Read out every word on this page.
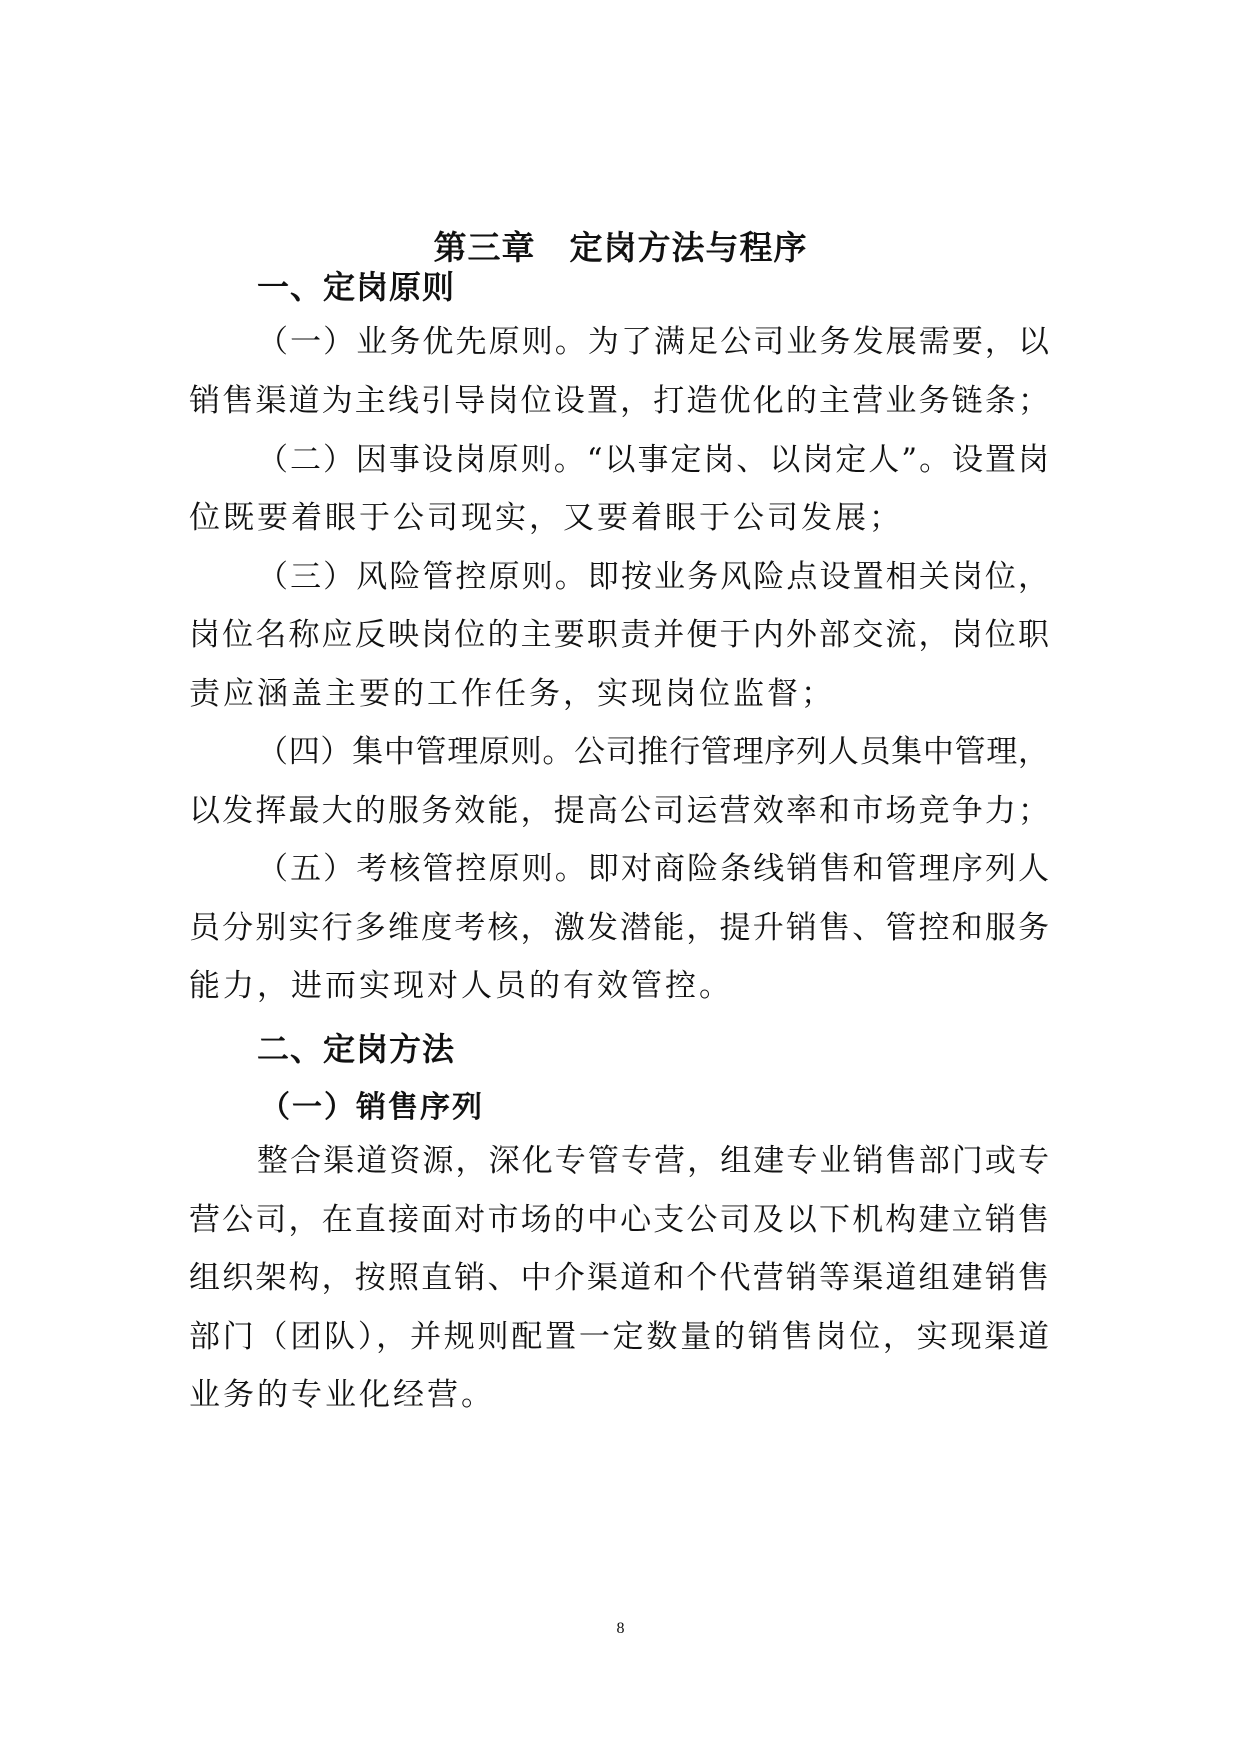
第三章　定岗方法与程序
一、定岗原则
（一）业务优先原则。为了满足公司业务发展需要，以
销售渠道为主线引导岗位设置，打造优化的主营业务链条；
（二）因事设岗原则。“以事定岗、以岗定人”。设置岗
位既要着眼于公司现实，又要着眼于公司发展；
（三）风险管控原则。即按业务风险点设置相关岗位，
岗位名称应反映岗位的主要职责并便于内外部交流，岗位职
责应涵盖主要的工作任务，实现岗位监督；
（四）集中管理原则。公司推行管理序列人员集中管理，
以发挥最大的服务效能，提高公司运营效率和市场竞争力；
（五）考核管控原则。即对商险条线销售和管理序列人
员分别实行多维度考核，激发潜能，提升销售、管控和服务
能力，进而实现对人员的有效管控。
二、定岗方法
（一）销售序列
整合渠道资源，深化专管专营，组建专业销售部门或专
营公司，在直接面对市场的中心支公司及以下机构建立销售
组织架构，按照直销、中介渠道和个代营销等渠道组建销售
部门（团队），并规则配置一定数量的销售岗位，实现渠道
业务的专业化经营。
8
